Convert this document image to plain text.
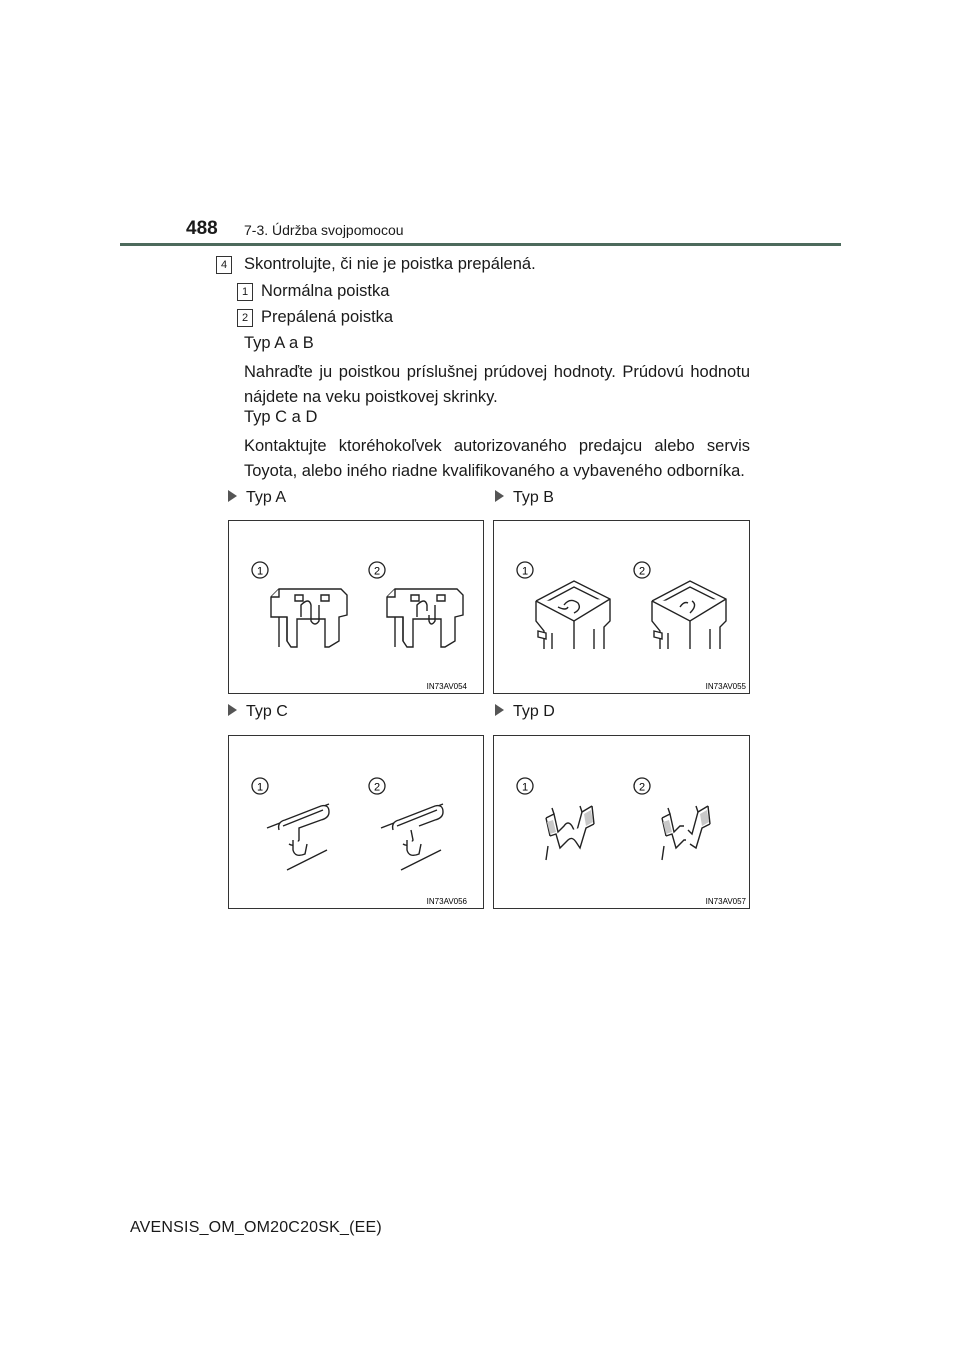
488 7-3. Údržba svojpomocou
4 Skontrolujte, či nie je poistka prepálená.
1 Normálna poistka
2 Prepálená poistka
Typ A a B
Nahraďte ju poistkou príslušnej prúdovej hodnoty. Prúdovú hodnotu nájdete na veku poistkovej skrinky.
Typ C a D
Kontaktujte ktoréhokoľvek autorizovaného predajcu alebo servis Toyota, alebo iného riadne kvalifikovaného a vybaveného odborníka.
Typ A	Typ B
Typ C	Typ D
1	2
IN73AV054
1	2
IN73AV055
1	2
IN73AV056
1	2
IN73AV057
AVENSIS_OM_OM20C20SK_(EE)
